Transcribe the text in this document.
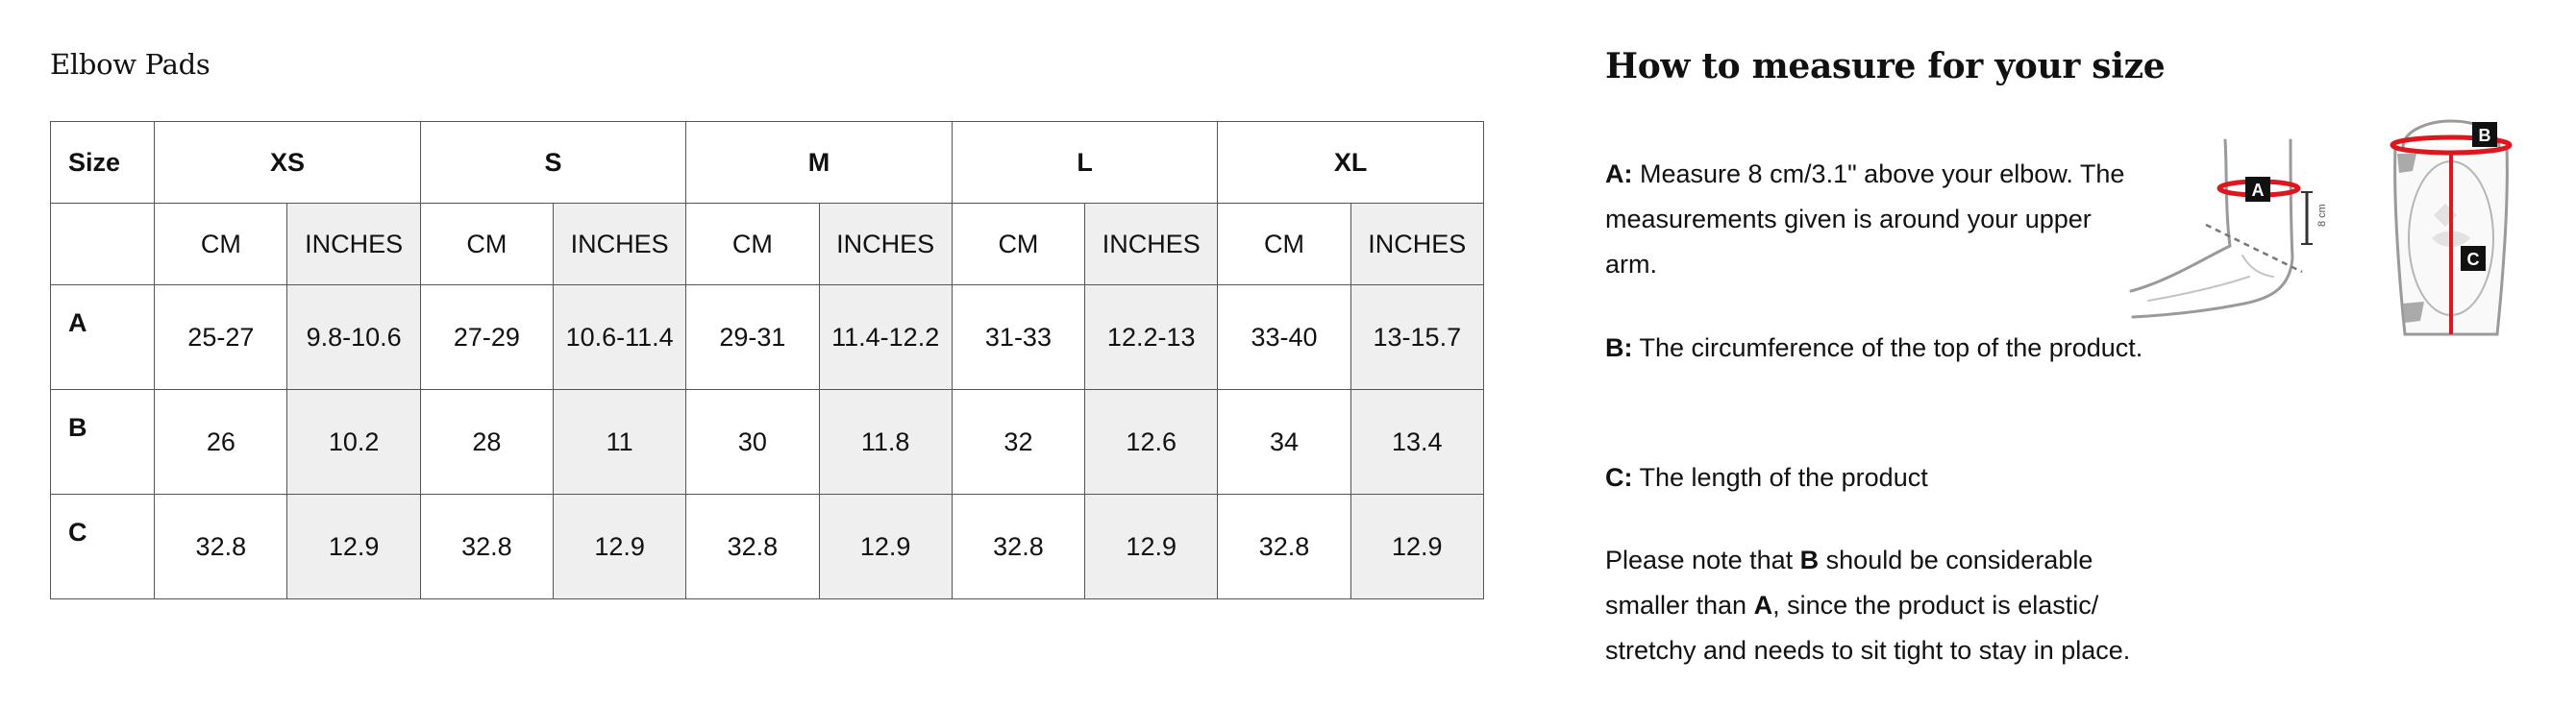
Elbow Pads
Size	XS		S		M		L		XL	
	CM	INCHES	CM	INCHES	CM	INCHES	CM	INCHES	CM	INCHES
A	25-27	9.8-10.6	27-29	10.6-11.4	29-31	11.4-12.2	31-33	12.2-13	33-40	13-15.7
B	26	10.2	28	11	30	11.8	32	12.6	34	13.4
C	32.8	12.9	32.8	12.9	32.8	12.9	32.8	12.9	32.8	12.9
How to measure for your size
A: Measure 8 cm/3.1" above your elbow. The measurements given is around your upper arm.
B: The circumference of the top of the product.
C: The length of the product
Please note that B should be considerable smaller than A, since the product is elastic/ stretchy and needs to sit tight to stay in place.
8 cm
A
B
C
